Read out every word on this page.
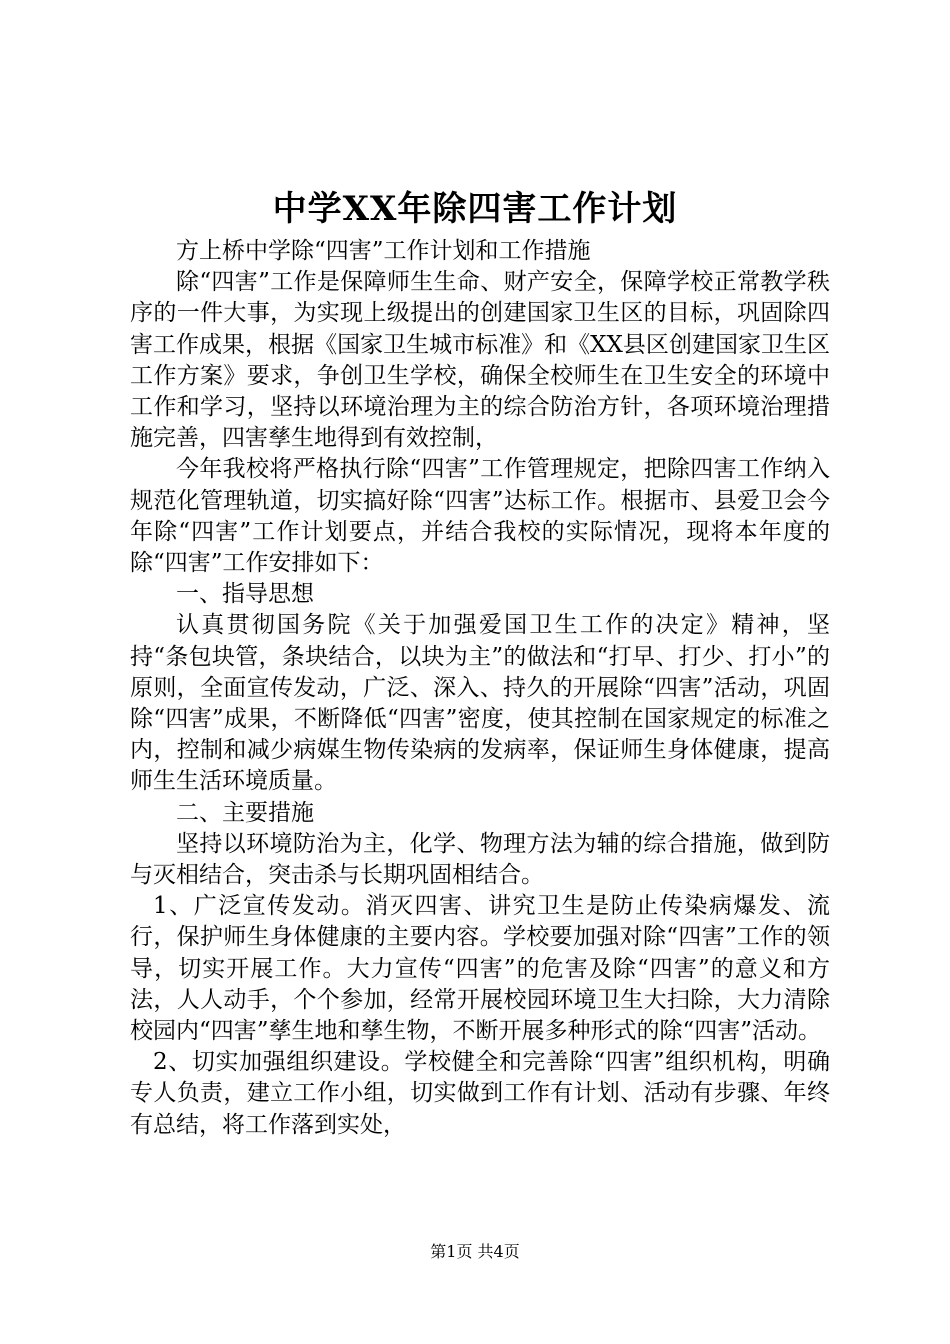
中学XX年除四害工作计划

方上桥中学除“四害”工作计划和工作措施

除“四害”工作是保障师生生命、财产安全，保障学校正常教学秩序的一件大事，为实现上级提出的创建国家卫生区的目标，巩固除四害工作成果，根据《国家卫生城市标准》和《XX县区创建国家卫生区工作方案》要求，争创卫生学校，确保全校师生在卫生安全的环境中工作和学习，坚持以环境治理为主的综合防治方针，各项环境治理措施完善，四害孳生地得到有效控制，

今年我校将严格执行除“四害”工作管理规定，把除四害工作纳入规范化管理轨道，切实搞好除“四害”达标工作。根据市、县爱卫会今年除“四害”工作计划要点，并结合我校的实际情况，现将本年度的除“四害”工作安排如下：

一、指导思想

认真贯彻国务院《关于加强爱国卫生工作的决定》精神，坚持“条包块管，条块结合，以块为主”的做法和“打早、打少、打小”的原则，全面宣传发动，广泛、深入、持久的开展除“四害”活动，巩固除“四害”成果，不断降低“四害”密度，使其控制在国家规定的标准之内，控制和减少病媒生物传染病的发病率，保证师生身体健康，提高师生生活环境质量。

二、主要措施

坚持以环境防治为主，化学、物理方法为辅的综合措施，做到防与灭相结合，突击杀与长期巩固相结合。

1、广泛宣传发动。消灭四害、讲究卫生是防止传染病爆发、流行，保护师生身体健康的主要内容。学校要加强对除“四害”工作的领导，切实开展工作。大力宣传“四害”的危害及除“四害”的意义和方法，人人动手，个个参加，经常开展校园环境卫生大扫除，大力清除校园内“四害”孳生地和孳生物，不断开展多种形式的除“四害”活动。

2、切实加强组织建设。学校健全和完善除“四害”组织机构，明确专人负责，建立工作小组，切实做到工作有计划、活动有步骤、年终有总结，将工作落到实处，

第1页 共4页
